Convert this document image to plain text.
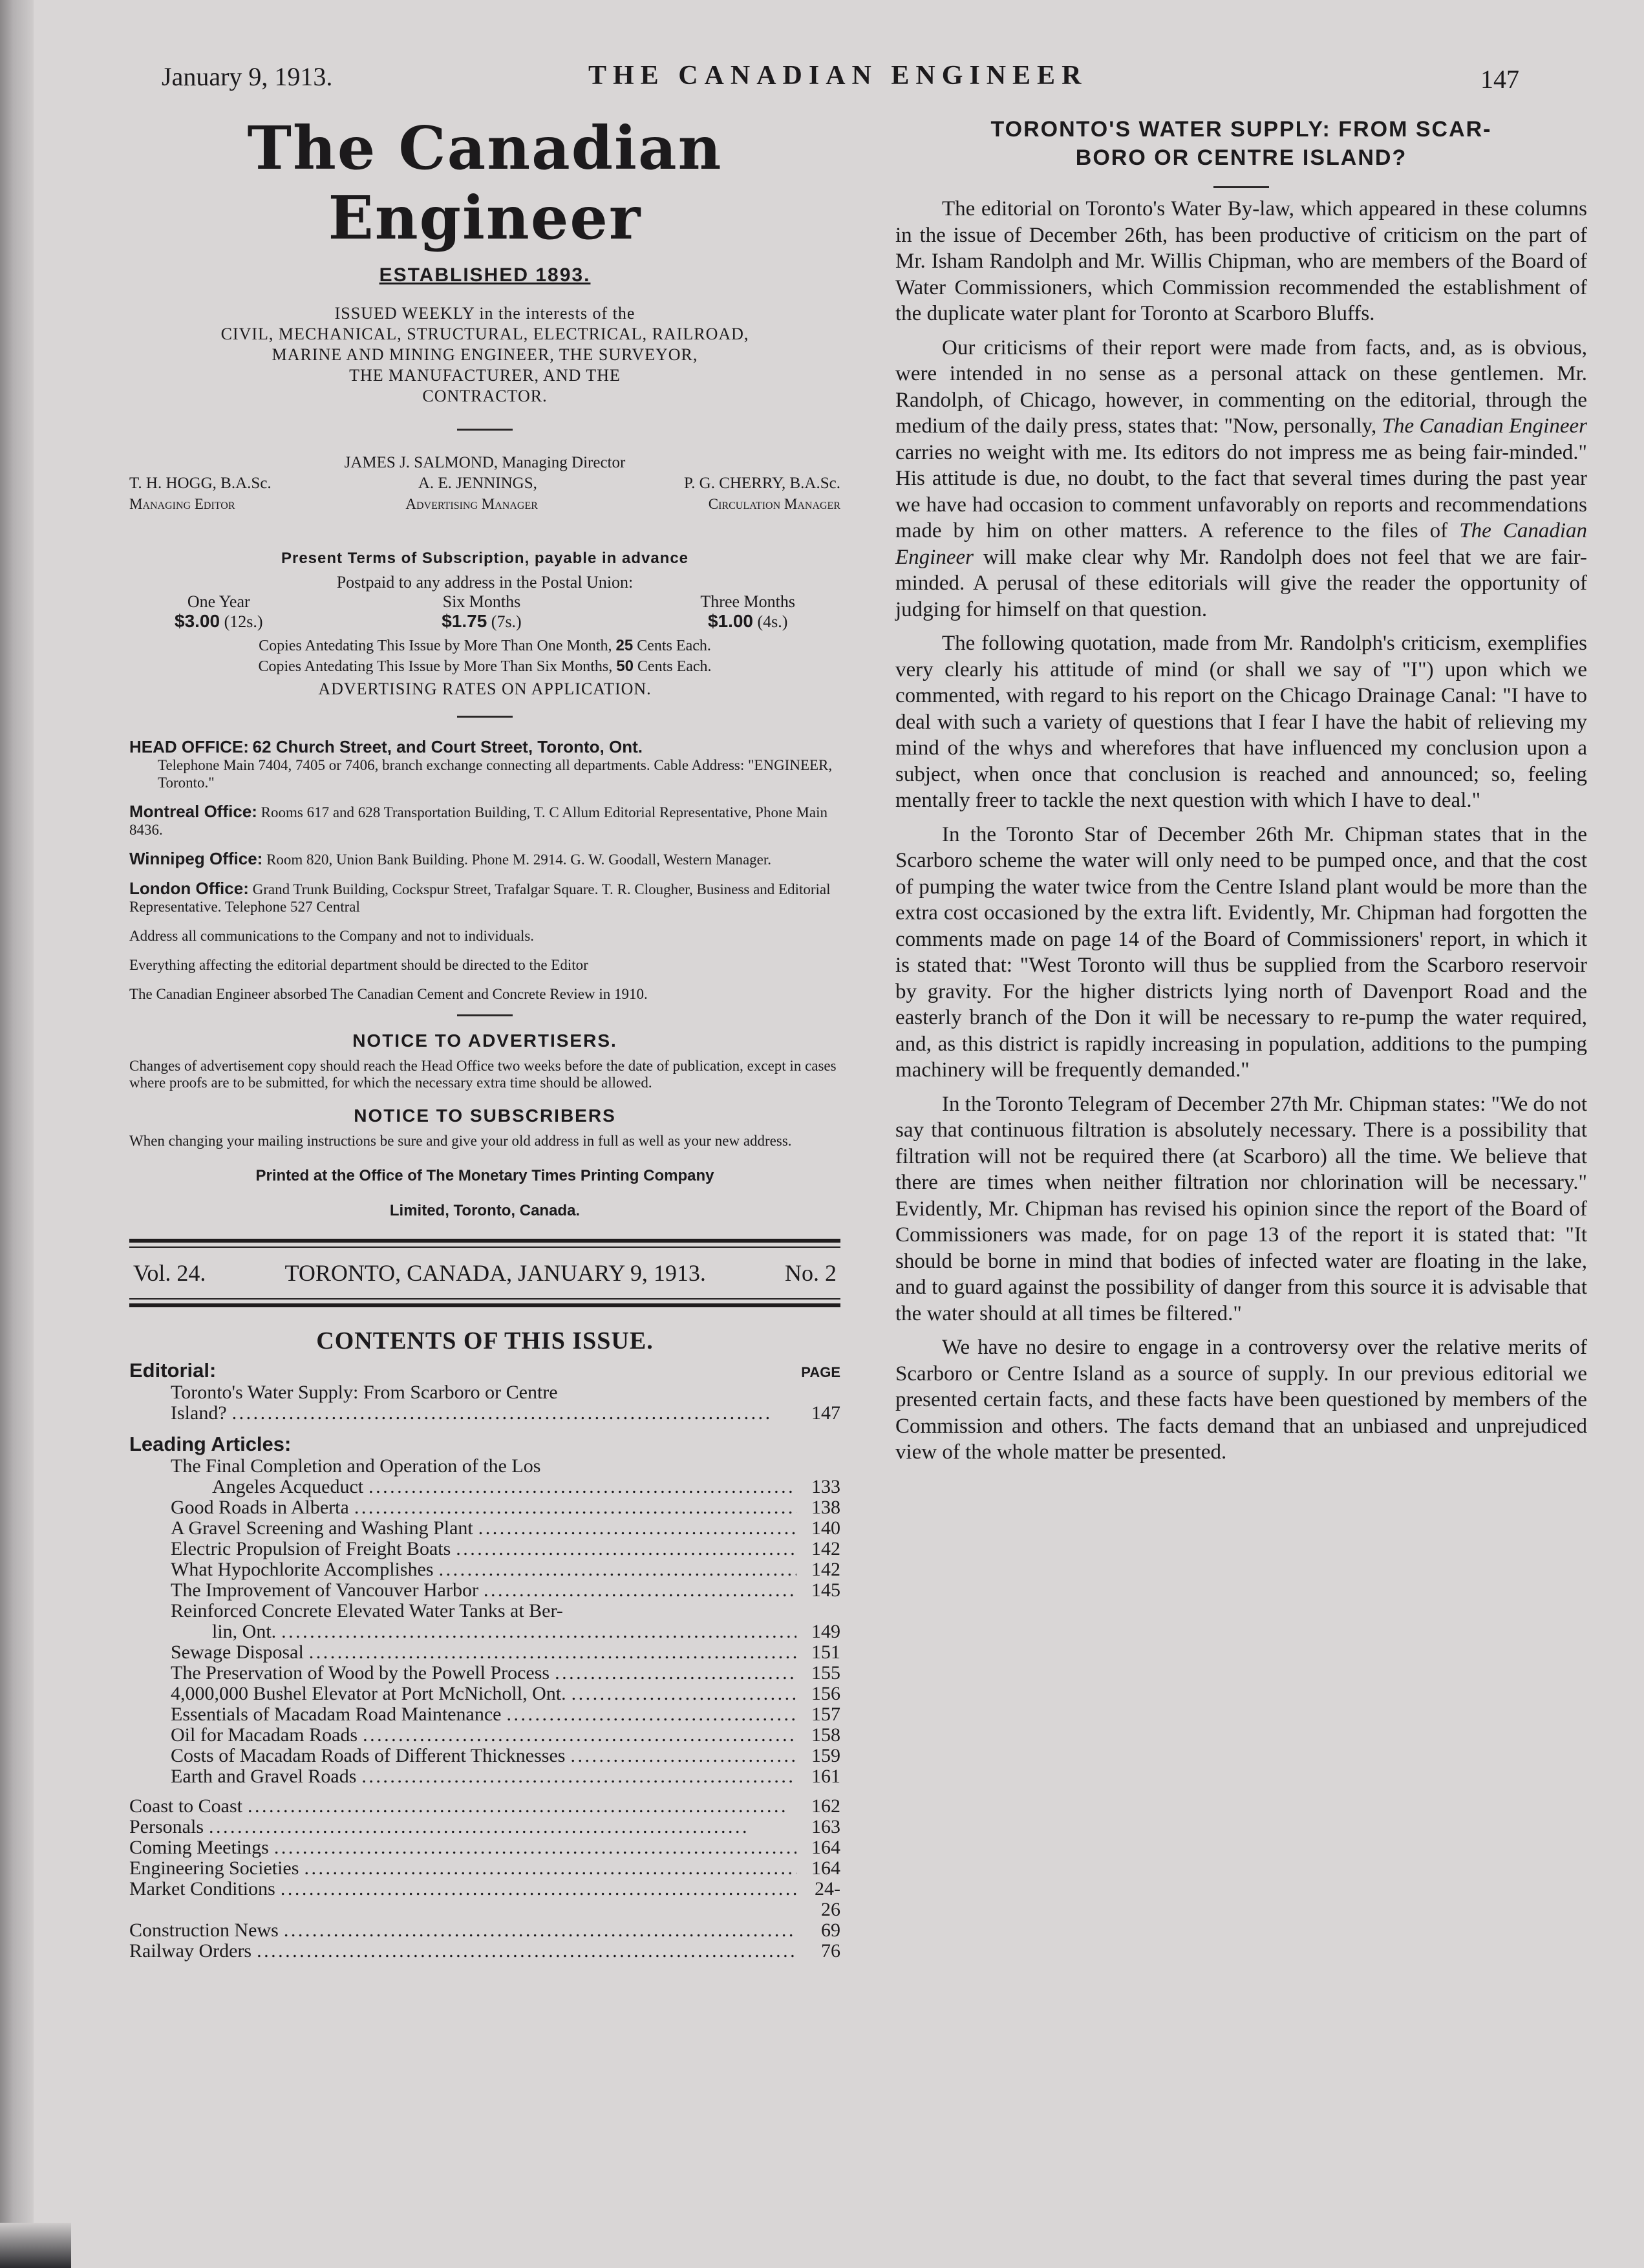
January 9, 1913.	THE CANADIAN ENGINEER	147
The Canadian Engineer
ESTABLISHED 1893.
ISSUED WEEKLY in the interests of the
CIVIL, MECHANICAL, STRUCTURAL, ELECTRICAL, RAILROAD,
MARINE AND MINING ENGINEER, THE SURVEYOR,
THE MANUFACTURER, AND THE
CONTRACTOR.
JAMES J. SALMOND, Managing Director
T. H. HOGG, B.A.Sc.	A. E. JENNINGS,	P. G. CHERRY, B.A.Sc.
Managing Editor	Advertising Manager	Circulation Manager
Present Terms of Subscription, payable in advance
Postpaid to any address in the Postal Union:
One Year
$3.00 (12s.)
Six Months
$1.75 (7s.)
Three Months
$1.00 (4s.)
Copies Antedating This Issue by More Than One Month, 25 Cents Each.
Copies Antedating This Issue by More Than Six Months, 50 Cents Each.
ADVERTISING RATES ON APPLICATION.
HEAD OFFICE: 62 Church Street, and Court Street, Toronto, Ont.
Telephone Main 7404, 7405 or 7406, branch exchange connecting all departments. Cable Address: "ENGINEER, Toronto."
Montreal Office: Rooms 617 and 628 Transportation Building, T. C Allum Editorial Representative, Phone Main 8436.
Winnipeg Office: Room 820, Union Bank Building. Phone M. 2914. G. W. Goodall, Western Manager.
London Office: Grand Trunk Building, Cockspur Street, Trafalgar Square. T. R. Clougher, Business and Editorial Representative. Telephone 527 Central
Address all communications to the Company and not to individuals.
Everything affecting the editorial department should be directed to the Editor
The Canadian Engineer absorbed The Canadian Cement and Concrete Review in 1910.
NOTICE TO ADVERTISERS.
Changes of advertisement copy should reach the Head Office two weeks before the date of publication, except in cases where proofs are to be submitted, for which the necessary extra time should be allowed.
NOTICE TO SUBSCRIBERS
When changing your mailing instructions be sure and give your old address in full as well as your new address.
Printed at the Office of The Monetary Times Printing Company
Limited, Toronto, Canada.
Vol. 24.	TORONTO, CANADA, JANUARY 9, 1913.	No. 2
CONTENTS OF THIS ISSUE.
Editorial:	PAGE
Toronto's Water Supply: From Scarboro or Centre
Island? . . .	147
Leading Articles:
The Final Completion and Operation of the Los
Angeles Acqueduct . . .	133
Good Roads in Alberta . . .	138
A Gravel Screening and Washing Plant . . .	140
Electric Propulsion of Freight Boats . . .	142
What Hypochlorite Accomplishes . . .	142
The Improvement of Vancouver Harbor . . .	145
Reinforced Concrete Elevated Water Tanks at Ber-
lin, Ont. . . .	149
Sewage Disposal . . .	151
The Preservation of Wood by the Powell Process . . .	155
4,000,000 Bushel Elevator at Port McNicholl, Ont. . . .	156
Essentials of Macadam Road Maintenance . . .	157
Oil for Macadam Roads . . .	158
Costs of Macadam Roads of Different Thicknesses . . .	159
Earth and Gravel Roads . . .	161
Coast to Coast . . .	162
Personals . . .	163
Coming Meetings . . .	164
Engineering Societies . . .	164
Market Conditions . . .	24-26
Construction News . . .	69
Railway Orders . . .	76
TORONTO'S WATER SUPPLY: FROM SCAR-
BORO OR CENTRE ISLAND?

The editorial on Toronto's Water By-law, which appeared in these columns in the issue of December 26th, has been productive of criticism on the part of Mr. Isham Randolph and Mr. Willis Chipman, who are members of the Board of Water Commissioners, which Commission recommended the establishment of the duplicate water plant for Toronto at Scarboro Bluffs.

Our criticisms of their report were made from facts, and, as is obvious, were intended in no sense as a personal attack on these gentlemen. Mr. Randolph, of Chicago, however, in commenting on the editorial, through the medium of the daily press, states that: "Now, personally, The Canadian Engineer carries no weight with me. Its editors do not impress me as being fair-minded." His attitude is due, no doubt, to the fact that several times during the past year we have had occasion to comment unfavorably on reports and recommendations made by him on other matters. A reference to the files of The Canadian Engineer will make clear why Mr. Randolph does not feel that we are fair-minded. A perusal of these editorials will give the reader the opportunity of judging for himself on that question.

The following quotation, made from Mr. Randolph's criticism, exemplifies very clearly his attitude of mind (or shall we say of "I") upon which we commented, with regard to his report on the Chicago Drainage Canal: "I have to deal with such a variety of questions that I fear I have the habit of relieving my mind of the whys and wherefores that have influenced my conclusion upon a subject, when once that conclusion is reached and announced; so, feeling mentally freer to tackle the next question with which I have to deal."

In the Toronto Star of December 26th Mr. Chipman states that in the Scarboro scheme the water will only need to be pumped once, and that the cost of pumping the water twice from the Centre Island plant would be more than the extra cost occasioned by the extra lift. Evidently, Mr. Chipman had forgotten the comments made on page 14 of the Board of Commissioners' report, in which it is stated that: "West Toronto will thus be supplied from the Scarboro reservoir by gravity. For the higher districts lying north of Davenport Road and the easterly branch of the Don it will be necessary to re-pump the water required, and, as this district is rapidly increasing in population, additions to the pumping machinery will be frequently demanded."

In the Toronto Telegram of December 27th Mr. Chipman states: "We do not say that continuous filtration is absolutely necessary. There is a possibility that filtration will not be required there (at Scarboro) all the time. We believe that there are times when neither filtration nor chlorination will be necessary." Evidently, Mr. Chipman has revised his opinion since the report of the Board of Commissioners was made, for on page 13 of the report it is stated that: "It should be borne in mind that bodies of infected water are floating in the lake, and to guard against the possibility of danger from this source it is advisable that the water should at all times be filtered."

We have no desire to engage in a controversy over the relative merits of Scarboro or Centre Island as a source of supply. In our previous editorial we presented certain facts, and these facts have been questioned by members of the Commission and others. The facts demand that an unbiased and unprejudiced view of the whole matter be presented.
